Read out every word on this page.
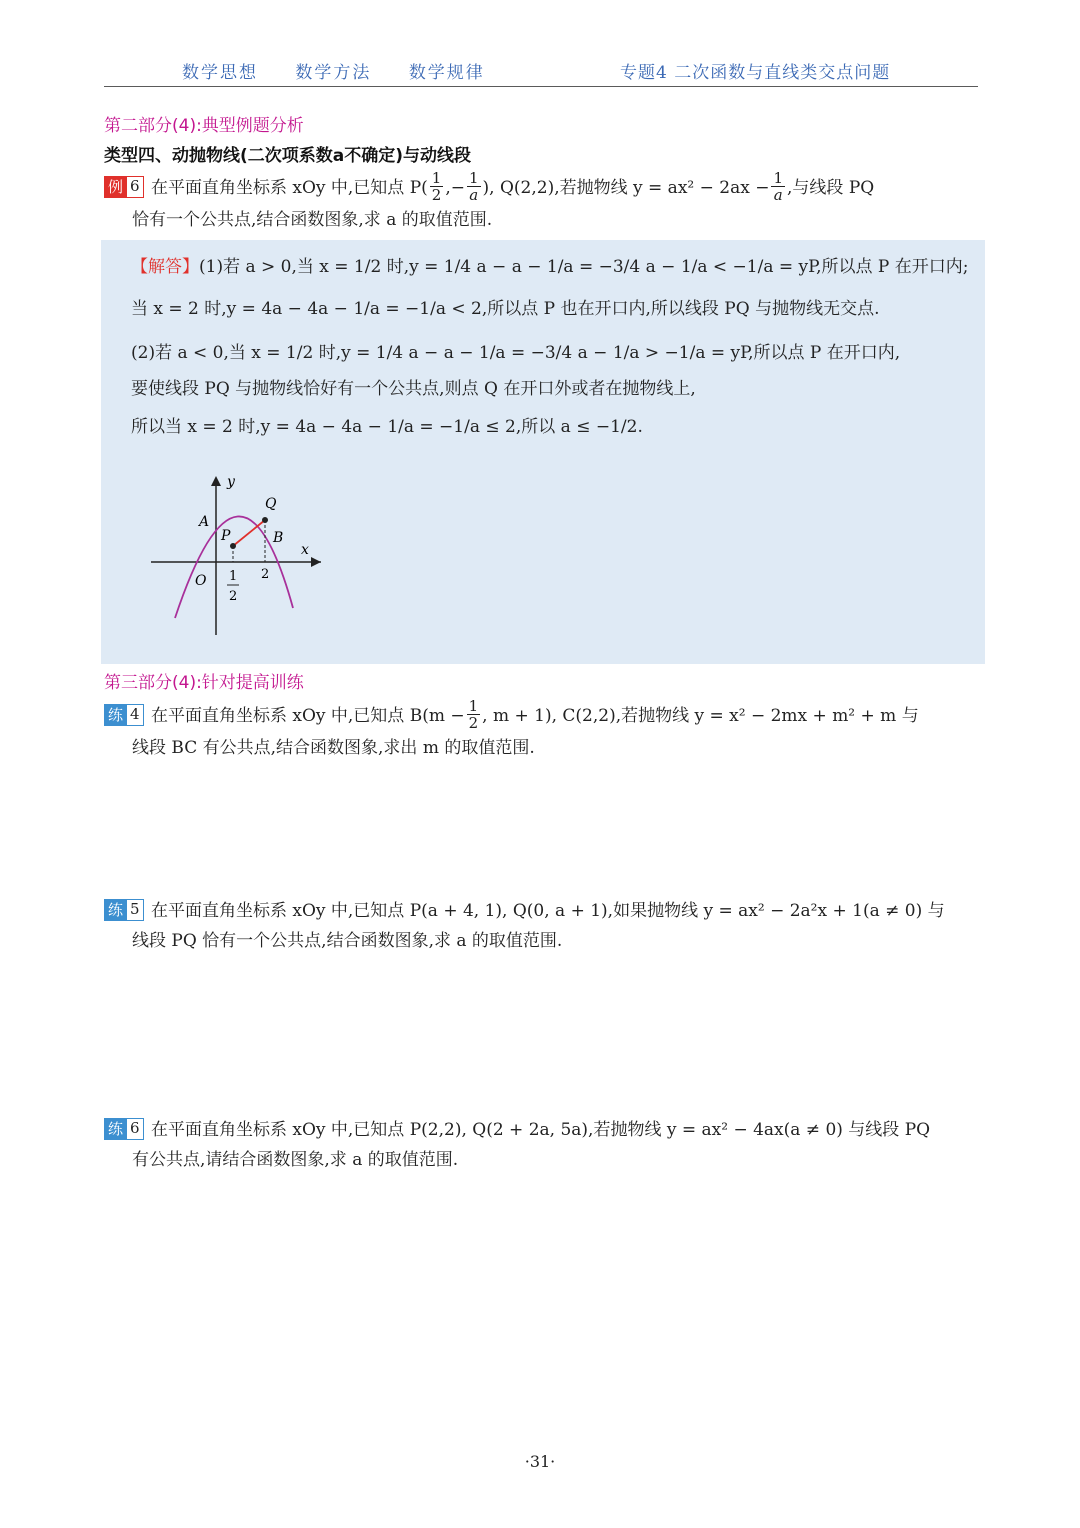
数学思想 数学方法 数学规律	专题4 二次函数与直线类交点问题
第二部分(4):典型例题分析
类型四、动抛物线(二次项系数a不确定)与动线段
例 6 在平面直角坐标系 xOy 中,已知点 $P( \frac{1}{2}$ ,− $\frac{1}{a}$ ), Q(2,2),若抛物线 $y = ax^2 - 2ax - \frac{1}{a}$ ,与线段 PQ
恰有一个公共点,结合函数图象,求 a 的取值范围.
【解答】(1)若 a > 0,当 x = 1/2 时,y = 1/4 a − a − 1/a = −3/4 a − 1/a < −1/a = yP,所以点 P 在开口内;
当 x = 2 时,y = 4a − 4a − 1/a = −1/a < 2,所以点 P 也在开口内,所以线段 PQ 与抛物线无交点.
(2)若 a < 0,当 x = 1/2 时,y = 1/4 a − a − 1/a = −3/4 a − 1/a > −1/a = yP,所以点 P 在开口内,
要使线段 PQ 与抛物线恰好有一个公共点,则点 Q 在开口外或者在抛物线上,
所以当 x = 2 时,y = 4a − 4a − 1/a = −1/a ≤ 2,所以 a ≤ −1/2.
y
x
O
A
P
Q
B
1
2
2
第三部分(4):针对提高训练
练 4 在平面直角坐标系 xOy 中,已知点 $B(m - \frac{1}{2}$ , m + 1), C(2,2),若抛物线 y = x² − 2mx + m² + m 与
线段 BC 有公共点,结合函数图象,求出 m 的取值范围.
练 5 在平面直角坐标系 xOy 中,已知点 P(a + 4, 1), Q(0, a + 1),如果抛物线 y = ax² − 2a²x + 1(a ≠ 0) 与
线段 PQ 恰有一个公共点,结合函数图象,求 a 的取值范围.
练 6 在平面直角坐标系 xOy 中,已知点 P(2,2), Q(2 + 2a, 5a),若抛物线 y = ax² − 4ax(a ≠ 0) 与线段 PQ
有公共点,请结合函数图象,求 a 的取值范围.
·31·
